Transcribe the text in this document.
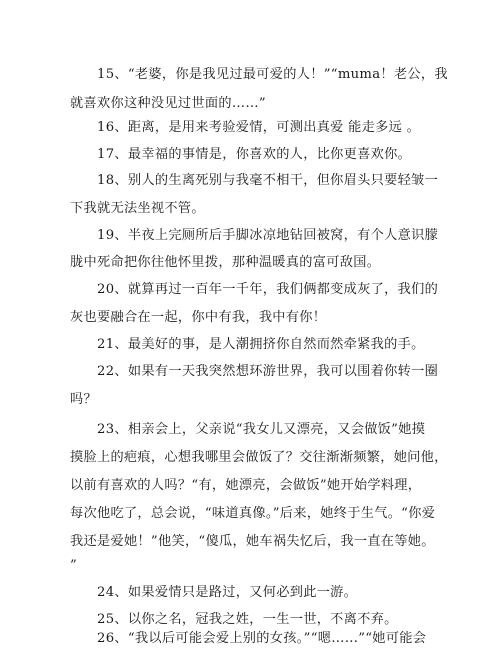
15、“老婆，你是我见过最可爱的人！”“muma！老公，我
就喜欢你这种没见过世面的……”
16、距离，是用来考验爱情，可测出真爱 能走多远 。
17、最幸福的事情是，你喜欢的人，比你更喜欢你。
18、别人的生离死别与我毫不相干，但你眉头只要轻皱一
下我就无法坐视不管。
19、半夜上完厕所后手脚冰凉地钻回被窝，有个人意识朦
胧中死命把你往他怀里拨，那种温暖真的富可敌国。
20、就算再过一百年一千年，我们俩都变成灰了，我们的
灰也要融合在一起，你中有我，我中有你！
21、最美好的事，是人潮拥挤你自然而然牵紧我的手。
22、如果有一天我突然想环游世界，我可以围着你转一圈
吗？
23、相亲会上，父亲说“我女儿又漂亮，又会做饭”她摸
摸脸上的疤痕，心想我哪里会做饭了？交往渐渐频繁，她问他，
以前有喜欢的人吗？“有，她漂亮，会做饭”她开始学料理，
每次他吃了，总会说，“味道真像。”后来，她终于生气。“你爱
我还是爱她！”他笑，“傻瓜，她车祸失忆后，我一直在等她。
”
24、如果爱情只是路过，又何必到此一游。
25、以你之名，冠我之姓，一生一世，不离不弃。
26、“我以后可能会爱上别的女孩。”“嗯……”“她可能会
